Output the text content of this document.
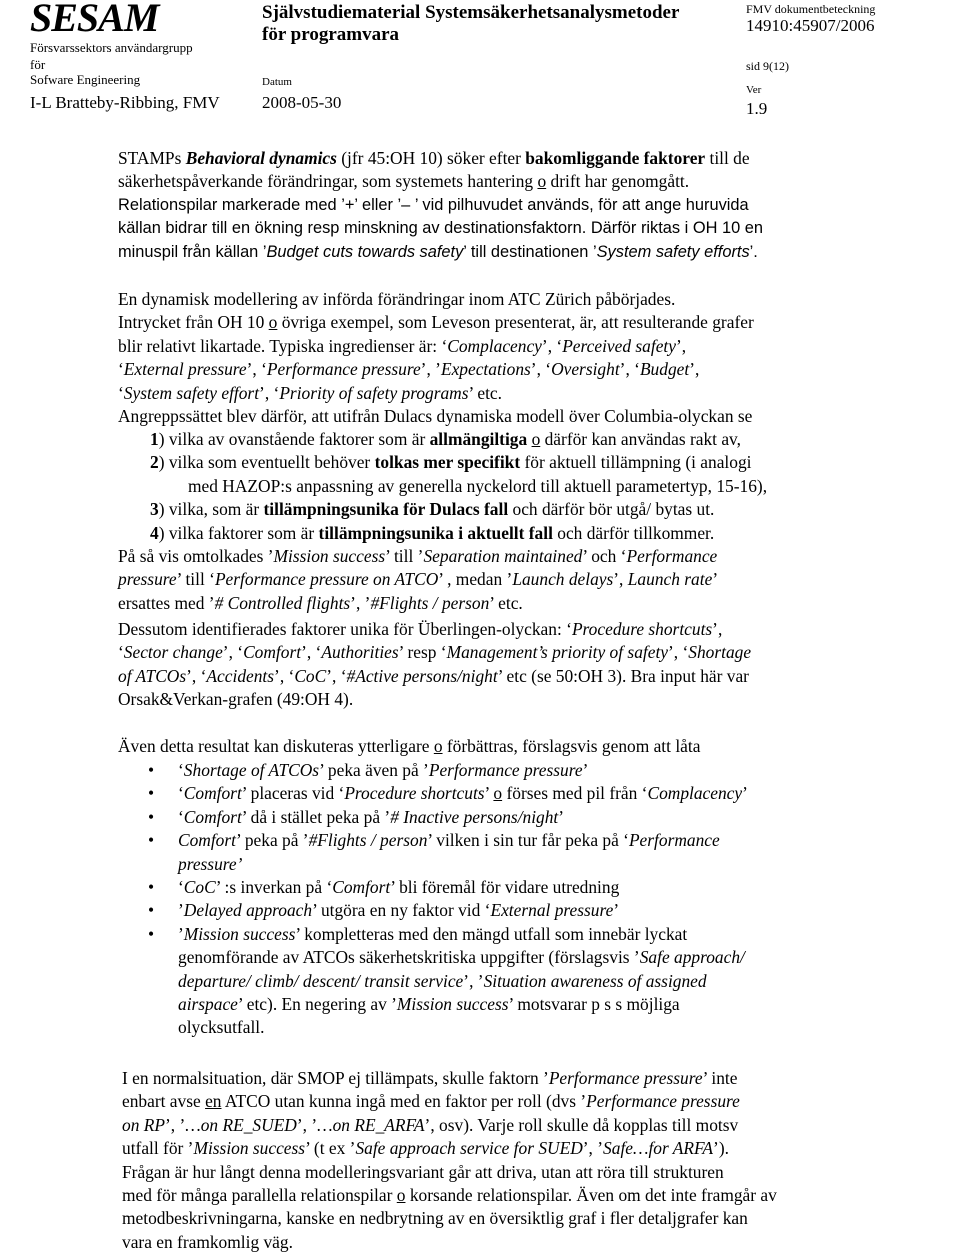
SESAM
Försvarssektors användargrupp
för
Sofware Engineering
I-L Bratteby-Ribbing, FMV
Självstudiematerial Systemsäkerhetsanalysmetoder
för programvara
Datum
2008-05-30
FMV dokumentbeteckning
14910:45907/2006
sid 9(12)
Ver
1.9

STAMPs Behavioral dynamics (jfr 45:OH 10) söker efter bakomliggande faktorer till de

säkerhetspåverkande förändringar, som systemets hantering o drift har genomgått.

Relationspilar markerade med ’+’ eller ’– ’ vid pilhuvudet används, för att ange huruvida

källan bidrar till en ökning resp minskning av destinationsfaktorn. Därför riktas i OH 10 en

minuspil från källan ’Budget cuts towards safety’ till destinationen ’System safety efforts’.

En dynamisk modellering av införda förändringar inom ATC Zürich påbörjades.

Intrycket från OH 10 o övriga exempel, som Leveson presenterat, är, att resulterande grafer

blir relativt likartade. Typiska ingredienser är: ‘Complacency’, ‘Perceived safety’,

‘External pressure’, ‘Performance pressure’, ’Expectations’, ‘Oversight’, ‘Budget’,

‘System safety effort’, ‘Priority of safety programs’ etc.

Angreppssättet blev därför, att utifrån Dulacs dynamiska modell över Columbia-olyckan se

1) vilka av ovanstående faktorer som är allmängiltiga o därför kan användas rakt av,

2) vilka som eventuellt behöver tolkas mer specifikt för aktuell tillämpning (i analogi

med HAZOP:s anpassning av generella nyckelord till aktuell parametertyp, 15-16),

3) vilka, som är tillämpningsunika för Dulacs fall och därför bör utgå/ bytas ut.

4) vilka faktorer som är tillämpningsunika i aktuellt fall och därför tillkommer.

På så vis omtolkades ’Mission success’ till ’Separation maintained’ och ‘Performance

pressure’ till ‘Performance pressure on ATCO’ , medan ’Launch delays’, Launch rate’

ersattes med ’# Controlled flights’, ’#Flights / person’ etc.

Dessutom identifierades faktorer unika för Überlingen-olyckan: ‘Procedure shortcuts’,

‘Sector change’, ‘Comfort’, ‘Authorities’ resp ‘Management’s priority of safety’, ‘Shortage

of ATCOs’, ‘Accidents’, ‘CoC’, ‘#Active persons/night’ etc (se 50:OH 3). Bra input här var

Orsak&Verkan-grafen (49:OH 4).

Även detta resultat kan diskuteras ytterligare o förbättras, förslagsvis genom att låta

• ‘Shortage of ATCOs’ peka även på ’Performance pressure’

• ‘Comfort’ placeras vid ‘Procedure shortcuts’ o förses med pil från ‘Complacency’

• ‘Comfort’ då i stället peka på ’# Inactive persons/night’

• Comfort’ peka på ’#Flights / person’ vilken i sin tur får peka på ‘Performance

pressure’

• ‘CoC’ :s inverkan på ‘Comfort’ bli föremål för vidare utredning

• ’Delayed approach’ utgöra en ny faktor vid ‘External pressure’

• ’Mission success’ kompletteras med den mängd utfall som innebär lyckat

genomförande av ATCOs säkerhetskritiska uppgifter (förslagsvis ’Safe approach/

departure/ climb/ descent/ transit service’, ’Situation awareness of assigned

airspace’ etc). En negering av ’Mission success’ motsvarar p s s möjliga

olycksutfall.

I en normalsituation, där SMOP ej tillämpats, skulle faktorn ’Performance pressure’ inte

enbart avse en ATCO utan kunna ingå med en faktor per roll (dvs ’Performance pressure

on RP’, ’…on RE_SUED’, ’…on RE_ARFA’, osv). Varje roll skulle då kopplas till motsv

utfall för ’Mission success’ (t ex ’Safe approach service for SUED’, ’Safe…for ARFA’).

Frågan är hur långt denna modelleringsvariant går att driva, utan att röra till strukturen

med för många parallella relationspilar o korsande relationspilar. Även om det inte framgår av

metodbeskrivningarna, kanske en nedbrytning av en översiktlig graf i fler detaljgrafer kan

vara en framkomlig väg.
